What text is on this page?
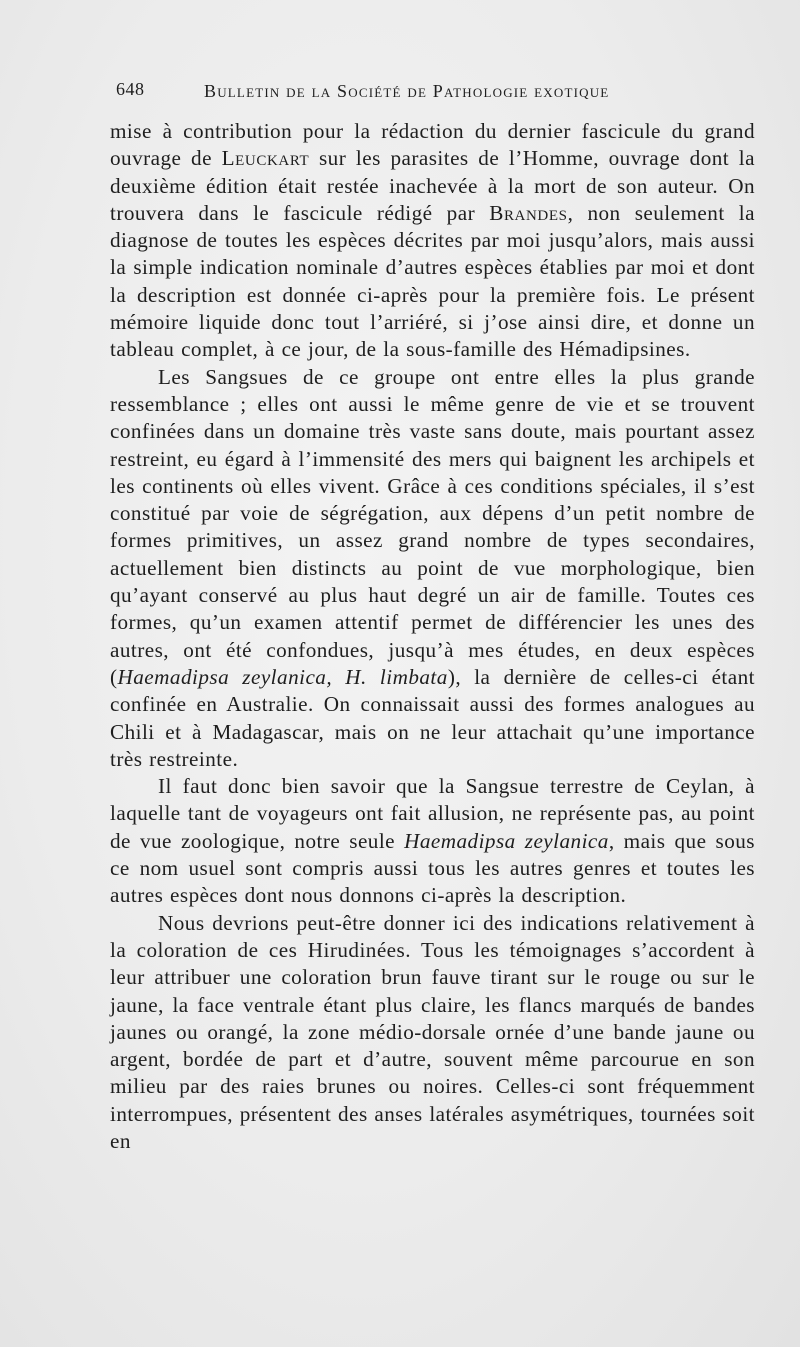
648	Bulletin de la Société de Pathologie exotique

mise à contribution pour la rédaction du dernier fascicule du grand ouvrage de Leuckart sur les parasites de l’Homme, ouvrage dont la deuxième édition était restée inachevée à la mort de son auteur. On trouvera dans le fascicule rédigé par Brandes, non seulement la diagnose de toutes les espèces décrites par moi jusqu’alors, mais aussi la simple indication nominale d’autres espèces établies par moi et dont la description est donnée ci-après pour la première fois. Le présent mémoire liquide donc tout l’arriéré, si j’ose ainsi dire, et donne un tableau complet, à ce jour, de la sous-famille des Hémadipsines.

Les Sangsues de ce groupe ont entre elles la plus grande ressemblance ; elles ont aussi le même genre de vie et se trouvent confinées dans un domaine très vaste sans doute, mais pourtant assez restreint, eu égard à l’immensité des mers qui baignent les archipels et les continents où elles vivent. Grâce à ces conditions spéciales, il s’est constitué par voie de ségrégation, aux dépens d’un petit nombre de formes primitives, un assez grand nombre de types secondaires, actuellement bien distincts au point de vue morphologique, bien qu’ayant conservé au plus haut degré un air de famille. Toutes ces formes, qu’un examen attentif permet de différencier les unes des autres, ont été confondues, jusqu’à mes études, en deux espèces (Haemadipsa zeylanica, H. limbata), la dernière de celles-ci étant confinée en Australie. On connaissait aussi des formes analogues au Chili et à Madagascar, mais on ne leur attachait qu’une importance très restreinte.

Il faut donc bien savoir que la Sangsue terrestre de Ceylan, à laquelle tant de voyageurs ont fait allusion, ne représente pas, au point de vue zoologique, notre seule Haemadipsa zeylanica, mais que sous ce nom usuel sont compris aussi tous les autres genres et toutes les autres espèces dont nous donnons ci-après la description.

Nous devrions peut-être donner ici des indications relativement à la coloration de ces Hirudinées. Tous les témoignages s’accordent à leur attribuer une coloration brun fauve tirant sur le rouge ou sur le jaune, la face ventrale étant plus claire, les flancs marqués de bandes jaunes ou orangé, la zone médio-dorsale ornée d’une bande jaune ou argent, bordée de part et d’autre, souvent même parcourue en son milieu par des raies brunes ou noires. Celles-ci sont fréquemment interrompues, présentent des anses latérales asymétriques, tournées soit en
